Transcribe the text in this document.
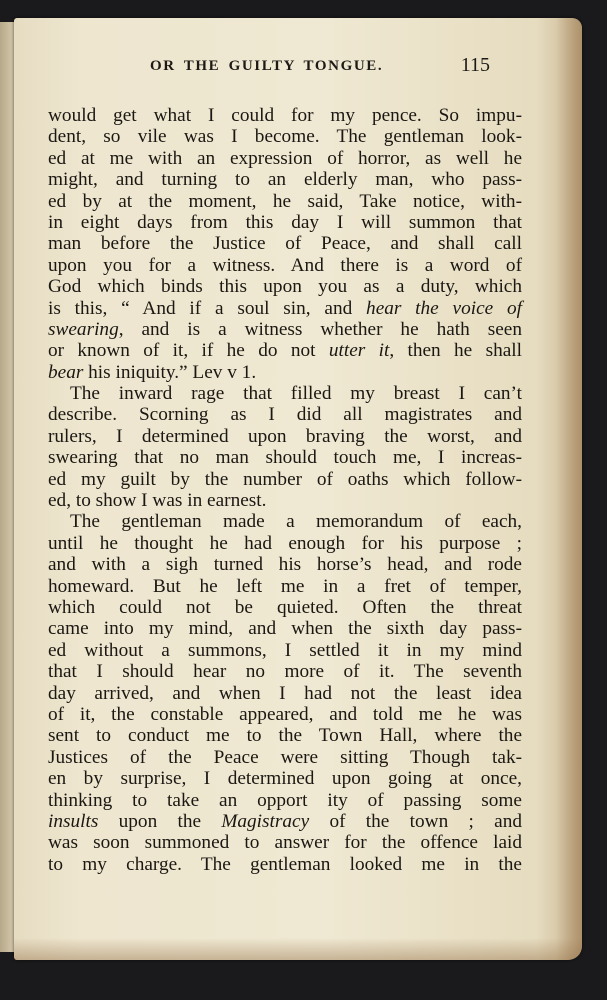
OR THE GUILTY TONGUE.	115
would get what I could for my pence. So impu-
dent, so vile was I become. The gentleman look-
ed at me with an expression of horror, as well he
might, and turning to an elderly man, who pass-
ed by at the moment, he said, Take notice, with-
in eight days from this day I will summon that
man before the Justice of Peace, and shall call
upon you for a witness. And there is a word of
God which binds this upon you as a duty, which
is this, “ And if a soul sin, and hear the voice of
swearing, and is a witness whether he hath seen
or known of it, if he do not utter it, then he shall
bear his iniquity.” Lev v 1.
The inward rage that filled my breast I can’t
describe. Scorning as I did all magistrates and
rulers, I determined upon braving the worst, and
swearing that no man should touch me, I increas-
ed my guilt by the number of oaths which follow-
ed, to show I was in earnest.
The gentleman made a memorandum of each,
until he thought he had enough for his purpose ;
and with a sigh turned his horse’s head, and rode
homeward. But he left me in a fret of temper,
which could not be quieted. Often the threat
came into my mind, and when the sixth day pass-
ed without a summons, I settled it in my mind
that I should hear no more of it. The seventh
day arrived, and when I had not the least idea
of it, the constable appeared, and told me he was
sent to conduct me to the Town Hall, where the
Justices of the Peace were sitting Though tak-
en by surprise, I determined upon going at once,
thinking to take an opport ity of passing some
insults upon the Magistracy of the town ; and
was soon summoned to answer for the offence laid
to my charge. The gentleman looked me in the
